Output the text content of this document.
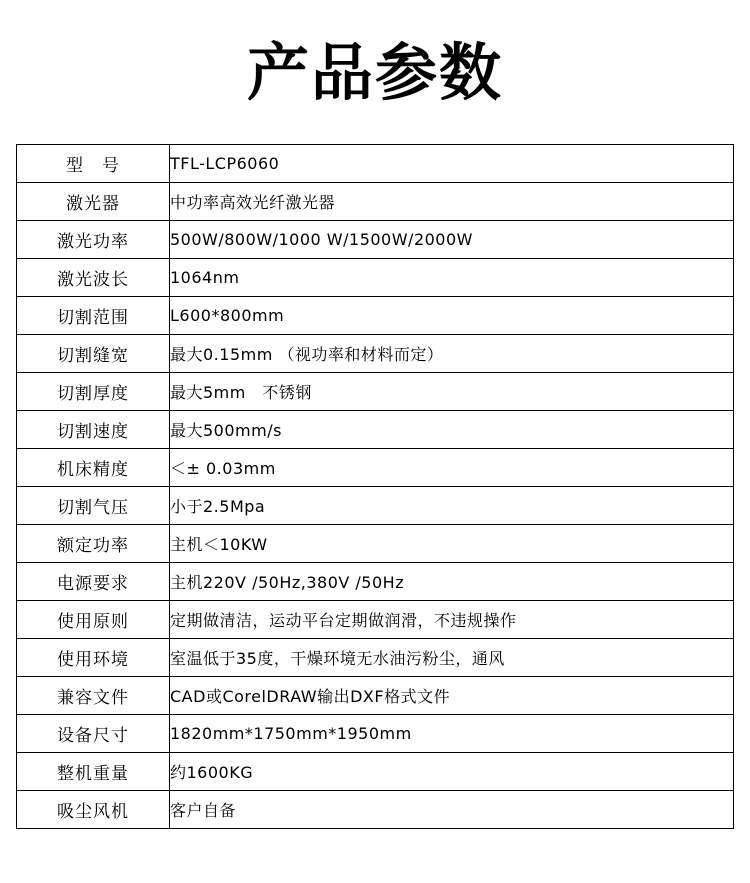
产品参数
型　号	TFL-LCP6060
激光器	中功率高效光纤激光器
激光功率	500W/800W/1000 W/1500W/2000W
激光波长	1064nm
切割范围	L600*800mm
切割缝宽	最大0.15mm （视功率和材料而定）
切割厚度	最大5mm　不锈钢
切割速度	最大500mm/s
机床精度	＜± 0.03mm
切割气压	小于2.5Mpa
额定功率	主机＜10KW
电源要求	主机220V /50Hz,380V /50Hz
使用原则	定期做清洁，运动平台定期做润滑，不违规操作
使用环境	室温低于35度，干燥环境无水油污粉尘，通风
兼容文件	CAD或CorelDRAW输出DXF格式文件
设备尺寸	1820mm*1750mm*1950mm
整机重量	约1600KG
吸尘风机	客户自备
